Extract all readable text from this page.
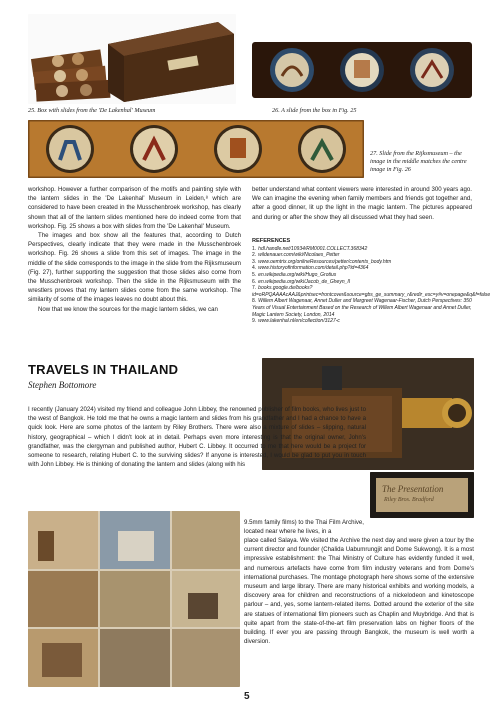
25. Box with slides from the 'De Lakenhal' Museum	26. A slide from the box in Fig. 25
27. Slide from the Rijksmuseum – the image in the middle matches the centre image in Fig. 26

workshop. However a further comparison of the motifs and painting style with the lantern slides in the 'De Lakenhal' Museum in Leiden,⁸ which are considered to have been created in the Musschenbroek workshop, has clearly shown that all of the lantern slides mentioned here do indeed come from that workshop. Fig. 25 shows a box with slides from the 'De Lakenhal' Museum.

The images and box show all the features that, according to Dutch Perspectives, clearly indicate that they were made in the Musschenbroek workshop. Fig. 26 shows a slide from this set of images. The image in the middle of the slide corresponds to the image in the slide from the Rijksmuseum (Fig. 27), further supporting the suggestion that those slides also come from the Musschenbroek workshop. Then the slide in the Rijksmuseum with the wrestlers proves that my lantern slides come from the same workshop. The similarity of some of the images leaves no doubt about this.

Now that we know the sources for the magic lantern slides, we can

better understand what content viewers were interested in around 300 years ago. We can imagine the evening when family members and friends got together and, after a good dinner, lit up the light in the magic lantern. The pictures appeared and during or after the show they all discussed what they had seen.

REFERENCES
1. hdl.handle.net/10934/RM0001.COLLECT.368342
2. wildenauer.com/wiki/Nicolaes_Petter
3. www.oemtrix.org/onlineResources/petter/contents_body.htm
4. www.historyofinformation.com/detail.php?id=4364
5. en.wikipedia.org/wiki/Hugo_Grotius
6. en.wikipedia.org/wiki/Jacob_de_Gheyn_II
7. books.google.de/books?id=oRPQAAAAcAAJ&printsec=frontcover&source=gbs_ge_summary_r&redir_esc=y#v=onepage&q&f=false
8. Willem Albert Wagenaar, Annet Duller and Margreet Wagenaar-Fischer, Dutch Perspectives: 350 Years of Visual Entertainment Based on the Research of Willem Albert Wagenaar and Annet Duller, Magic Lantern Society, London, 2014
9. www.lakenhal.nl/en/collection/3127-c
TRAVELS IN THAILAND
Stephen Bottomore
The Presentation
Riley Bros. Bradford
I recently (January 2024) visited my friend and colleague John Libbey, the renowned publisher of film books, who lives just to the west of Bangkok. He told me that he owns a magic lantern and slides from his grandfather and I had a chance to have a quick look. Here are some photos of the lantern by Riley Brothers. There were also a mixture of slides – slipping, natural history, geographical – which I didn't look at in detail. Perhaps even more interesting is that the original owner, John's grandfather, was the clergyman and published author, Hubert C. Libbey. It occurred to me that here would be a project for someone to research, relating Hubert C. to the surviving slides? If anyone is interested, I would be glad to put you in touch with John Libbey. He is thinking of donating the lantern and slides (along with his
9.5mm family films) to the Thai Film Archive, located near where he lives, in a
place called Salaya. We visited the Archive the next day and were given a tour by the current director and founder (Chalida Uabumrungjit and Dome Sukwong). It is a most impressive establishment: the Thai Ministry of Culture has evidently funded it well, and numerous artefacts have come from film industry veterans and from Dome's international purchases. The montage photograph here shows some of the extensive museum and large library. There are many historical exhibits and working models, a discovery area for children and reconstructions of a nickelodeon and kinetoscope parlour – and, yes, some lantern-related items. Dotted around the exterior of the site are statues of international film pioneers such as Chaplin and Muybridge. And that is quite apart from the state-of-the-art film preservation labs on higher floors of the building. If ever you are passing through Bangkok, the museum is well worth a diversion.
5
